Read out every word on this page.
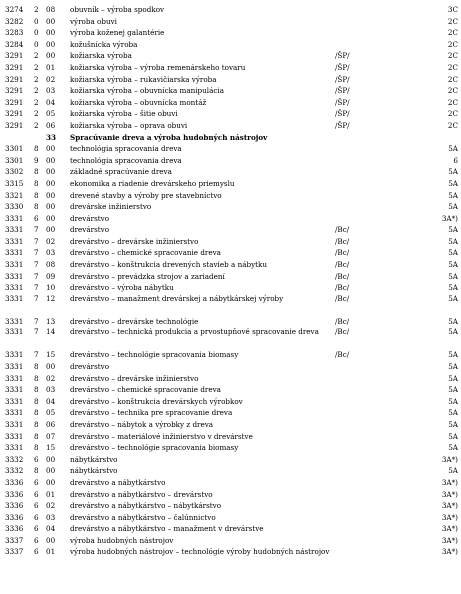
3274	2	08	obuvník – výroba spodkov	3C
3282	0	00	výroba obuvi	2C
3283	0	00	výroba koženej galantérie	2C
3284	0	00	kožušnícka výroba	2C
3291	2	00	kožiarska výroba	/ŠP/	2C
3291	2	01	kožiarska výroba – výroba remenárskeho tovaru	/ŠP/	2C
3291	2	02	kožiarska výroba – rukavičiarska výroba	/ŠP/	2C
3291	2	03	kožiarska výroba – obuvnícka manipulácia	/ŠP/	2C
3291	2	04	kožiarska výroba – obuvnícka montáž	/ŠP/	2C
3291	2	05	kožiarska výroba – šitie obuvi	/ŠP/	2C
3291	2	06	kožiarska výroba – oprava obuvi	/ŠP/	2C
33 Spracúvanie dreva a výroba hudobných nástrojov
3301	8	00	technológia spracovania dreva	5A
3301	9	00	technológia spracovania dreva	6
3302	8	00	základné spracúvanie dreva	5A
3315	8	00	ekonomika a riadenie drevárskeho priemyslu	5A
3321	8	00	drevené stavby a výroby pre stavebníctvo	5A
3330	8	00	drevárske inžinierstvo	5A
3331	6	00	drevárstvo	3A*)
3331	7	00	drevárstvo	/Bc/	5A
3331	7	02	drevárstvo – drevárske inžinierstvo	/Bc/	5A
3331	7	03	drevárstvo – chemické spracovanie dreva	/Bc/	5A
3331	7	08	drevárstvo – konštrukcia drevených stavieb a nábytku	/Bc/	5A
3331	7	09	drevárstvo – prevádzka strojov a zariadení	/Bc/	5A
3331	7	10	drevárstvo – výroba nábytku	/Bc/	5A
3331	7	12	drevárstvo – manažment drevárskej a nábytkárskej výroby	/Bc/	5A
3331	7	13	drevárstvo – drevárske technológie	/Bc/	5A
3331	7	14	drevárstvo – technická produkcia a prvostupňové spracovanie dreva	/Bc/	5A
3331	7	15	drevárstvo – technológie spracovania biomasy	/Bc/	5A
3331	8	00	drevárstvo	5A
3331	8	02	drevárstvo – drevárske inžinierstvo	5A
3331	8	03	drevárstvo – chemické spracovanie dreva	5A
3331	8	04	drevárstvo – konštrukcia drevárskych výrobkov	5A
3331	8	05	drevárstvo – technika pre spracovanie dreva	5A
3331	8	06	drevárstvo – nábytok a výrobky z dreva	5A
3331	8	07	drevárstvo – materiálové inžinierstvo v drevárstve	5A
3331	8	15	drevárstvo – technológie spracovania biomasy	5A
3332	6	00	nábytkárstvo	3A*)
3332	8	00	nábytkárstvo	5A
3336	6	00	drevárstvo a nábytkárstvo	3A*)
3336	6	01	drevárstvo a nábytkárstvo – drevárstvo	3A*)
3336	6	02	drevárstvo a nábytkárstvo – nábytkárstvo	3A*)
3336	6	03	drevárstvo a nábytkárstvo – čalúnnictvo	3A*)
3336	6	04	drevárstvo a nábytkárstvo – manažment v drevárstve	3A*)
3337	6	00	výroba hudobných nástrojov	3A*)
3337	6	01	výroba hudobných nástrojov – technológie výroby hudobných nástrojov	3A*)
